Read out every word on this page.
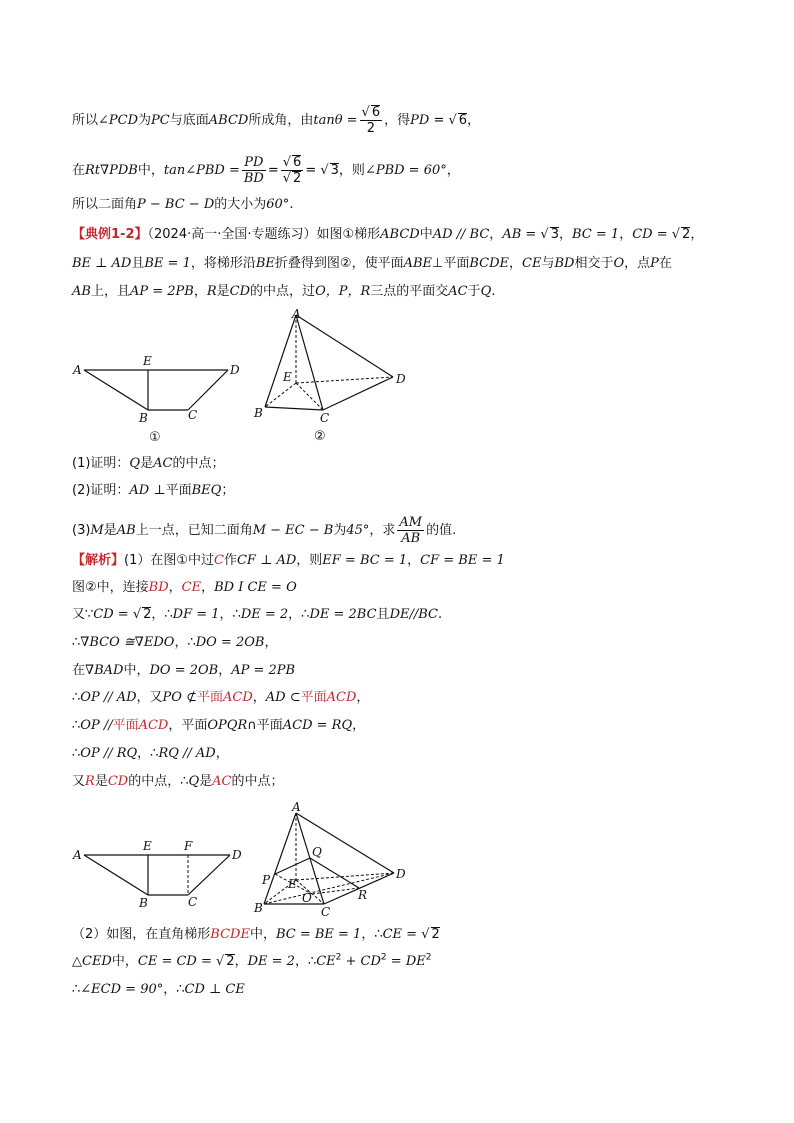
所以∠PCD为PC与底面ABCD所成角，由$\tan\theta = \frac{√ 6}{2}$ ，得PD = √ 6，
在Rt∇PDB中，tan∠PBD = $\frac{PD}{BD} = \frac{√ 6}{√ 2}$ = √ 3，则∠PBD = 60°，
所以二面角P − BC − D的大小为60°.
【典例1-2】（2024·高一·全国·专题练习）如图①梯形ABCD中AD // BC，AB = √ 3，BC = 1，CD = √ 2，
BE ⊥ AD且BE = 1，将梯形沿BE折叠得到图②，使平面ABE⊥平面BCDE，CE与BD相交于O，点P在
AB上，且AP = 2PB，R是CD的中点，过O，P，R三点的平面交AC于Q.
A
E
D
B	C
①
A
E	D
B	C
②
(1)证明：Q是AC的中点；
(2)证明：AD ⊥平面BEQ；
(3)M是AB上一点，已知二面角M − EC − B为45°，求 $\frac{AM}{AB}$ 的值.
【解析】(1）在图①中过C作CF ⊥ AD，则EF = BC = 1，CF = BE = 1
图②中，连接BD，CE，BD I CE = O
又∵CD = √ 2，∴DF = 1，∴DE = 2，∴DE = 2BC且DE//BC.
∴∇BCO ≅∇EDO，∴DO = 2OB，
在∇BAD中，DO = 2OB，AP = 2PB
∴OP // AD，又PO ⊄平面ACD，AD ⊂平面ACD，
∴OP //平面ACD，平面OPQR∩平面ACD = RQ，
∴OP // RQ，∴RQ // AD，
又R是CD的中点，∴Q是AC的中点；
A
E	F
D
B	C
A
Q
P E
O	R
D
B	C
（2）如图，在直角梯形BCDE中，BC = BE = 1，∴CE = √ 2
△CED中，CE = CD = √ 2，DE = 2，$\therefore CE^2 + CD^2 = DE^2$
∴∠ECD = 90°，∴CD ⊥ CE
